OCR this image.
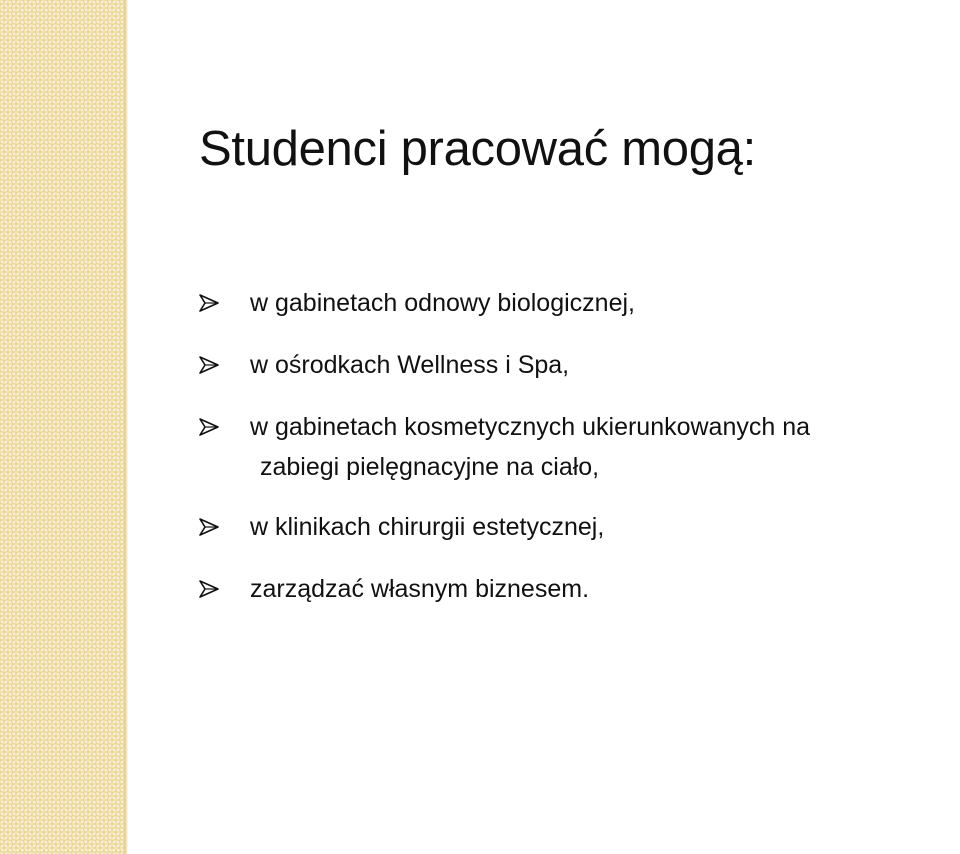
Studenci pracować mogą:
w gabinetach odnowy biologicznej,
w ośrodkach Wellness i Spa,
w gabinetach kosmetycznych ukierunkowanych na
zabiegi pielęgnacyjne na ciało,
w klinikach chirurgii estetycznej,
zarządzać własnym biznesem.
